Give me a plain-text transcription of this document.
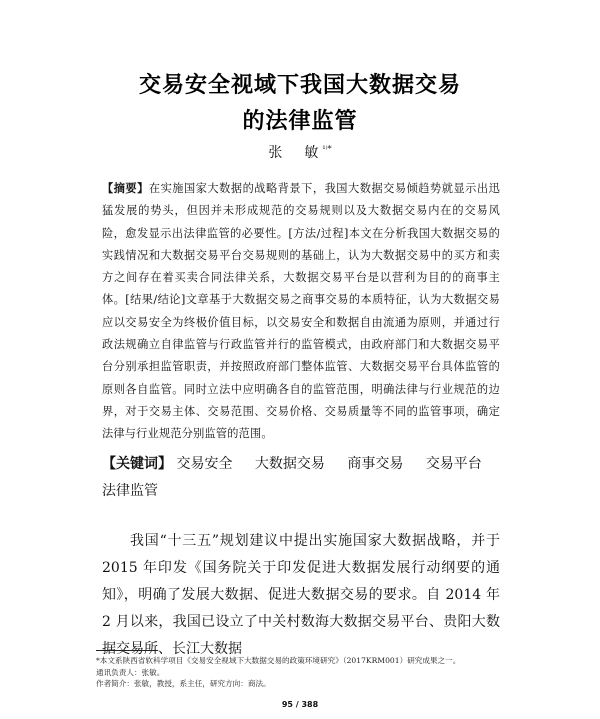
交易安全视域下我国大数据交易
的法律监管
张　敏$^{^{1)}*}$
【摘要】在实施国家大数据的战略背景下，我国大数据交易倾趋势就显示出迅猛发展的势头，但因并未形成规范的交易规则以及大数据交易内在的交易风险，愈发显示出法律监管的必要性。[方法/过程]本文在分析我国大数据交易的实践情况和大数据交易平台交易规则的基础上，认为大数据交易中的买方和卖方之间存在着买卖合同法律关系，大数据交易平台是以营利为目的的商事主体。[结果/结论]文章基于大数据交易之商事交易的本质特征，认为大数据交易应以交易安全为终极价值目标，以交易安全和数据自由流通为原则，并通过行政法规确立自律监管与行政监管并行的监管模式，由政府部门和大数据交易平台分别承担监管职责，并按照政府部门整体监管、大数据交易平台具体监管的原则各自监管。同时立法中应明确各自的监管范围，明确法律与行业规范的边界，对于交易主体、交易范围、交易价格、交易质量等不同的监管事项，确定法律与行业规范分别监管的范围。
【关键词】 交易安全 大数据交易 商事交易 交易平台 法律监管
我国“十三五”规划建议中提出实施国家大数据战略，并于 2015 年印发《国务院关于印发促进大数据发展行动纲要的通知》，明确了发展大数据、促进大数据交易的要求。自 2014 年 2 月以来，我国已设立了中关村数海大数据交易平台、贵阳大数据交易所、长江大数据
*本文系陕西省软科学项目《交易安全视域下大数据交易的政策环境研究》（2017KRM001）研究成果之一。
通讯负责人：张敏。
作者简介：张敏，教授，系主任，研究方向：商法。
95 / 388
